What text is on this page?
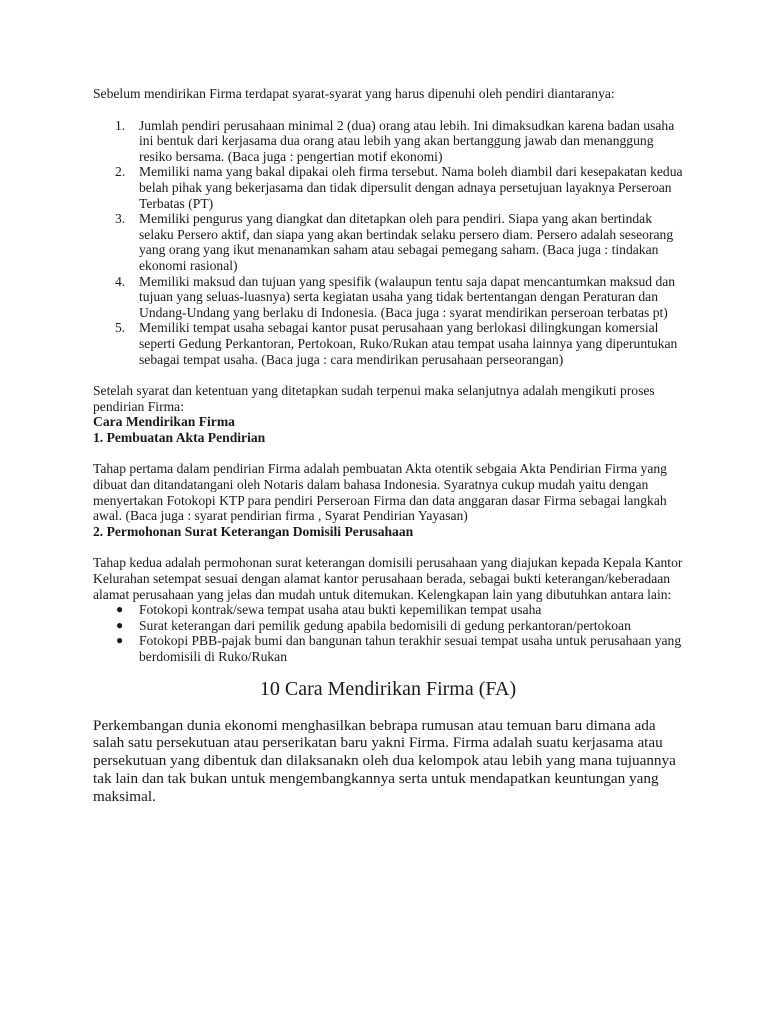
Sebelum mendirikan Firma terdapat syarat-syarat yang harus dipenuhi oleh pendiri diantaranya:

1. Jumlah pendiri perusahaan minimal 2 (dua) orang atau lebih. Ini dimaksudkan karena badan usaha ini bentuk dari kerjasama dua orang atau lebih yang akan bertanggung jawab dan menanggung resiko bersama. (Baca juga : pengertian motif ekonomi)
2. Memiliki nama yang bakal dipakai oleh firma tersebut. Nama boleh diambil dari kesepakatan kedua belah pihak yang bekerjasama dan tidak dipersulit dengan adnaya persetujuan layaknya Perseroan Terbatas (PT)
3. Memiliki pengurus yang diangkat dan ditetapkan oleh para pendiri. Siapa yang akan bertindak selaku Persero aktif, dan siapa yang akan bertindak selaku persero diam. Persero adalah seseorang yang orang yang ikut menanamkan saham atau sebagai pemegang saham. (Baca juga : tindakan ekonomi rasional)
4. Memiliki maksud dan tujuan yang spesifik (walaupun tentu saja dapat mencantumkan maksud dan tujuan yang seluas-luasnya) serta kegiatan usaha yang tidak bertentangan dengan Peraturan dan Undang-Undang yang berlaku di Indonesia. (Baca juga : syarat mendirikan perseroan terbatas pt)
5. Memiliki tempat usaha sebagai kantor pusat perusahaan yang berlokasi dilingkungan komersial seperti Gedung Perkantoran, Pertokoan, Ruko/Rukan atau tempat usaha lainnya yang diperuntukan sebagai tempat usaha. (Baca juga : cara mendirikan perusahaan perseorangan)

Setelah syarat dan ketentuan yang ditetapkan sudah terpenui maka selanjutnya adalah mengikuti proses pendirian Firma:

Cara Mendirikan Firma

1. Pembuatan Akta Pendirian

Tahap pertama dalam pendirian Firma adalah pembuatan Akta otentik sebgaia Akta Pendirian Firma yang dibuat dan ditandatangani oleh Notaris dalam bahasa Indonesia. Syaratnya cukup mudah yaitu dengan menyertakan Fotokopi KTP para pendiri Perseroan Firma dan data anggaran dasar Firma sebagai langkah awal. (Baca juga : syarat pendirian firma , Syarat Pendirian Yayasan)

2. Permohonan Surat Keterangan Domisili Perusahaan

Tahap kedua adalah permohonan surat keterangan domisili perusahaan yang diajukan kepada Kepala Kantor Kelurahan setempat sesuai dengan alamat kantor perusahaan berada, sebagai bukti keterangan/keberadaan alamat perusahaan yang jelas dan mudah untuk ditemukan. Kelengkapan lain yang dibutuhkan antara lain:

● Fotokopi kontrak/sewa tempat usaha atau bukti kepemilikan tempat usaha
● Surat keterangan dari pemilik gedung apabila bedomisili di gedung perkantoran/pertokoan
● Fotokopi PBB-pajak bumi dan bangunan tahun terakhir sesuai tempat usaha untuk perusahaan yang berdomisili di Ruko/Rukan
10 Cara Mendirikan Firma (FA)

Perkembangan dunia ekonomi menghasilkan bebrapa rumusan atau temuan baru dimana ada salah satu persekutuan atau perserikatan baru yakni Firma. Firma adalah suatu kerjasama atau persekutuan yang dibentuk dan dilaksanakn oleh dua kelompok atau lebih yang mana tujuannya tak lain dan tak bukan untuk mengembangkannya serta untuk mendapatkan keuntungan yang maksimal.
